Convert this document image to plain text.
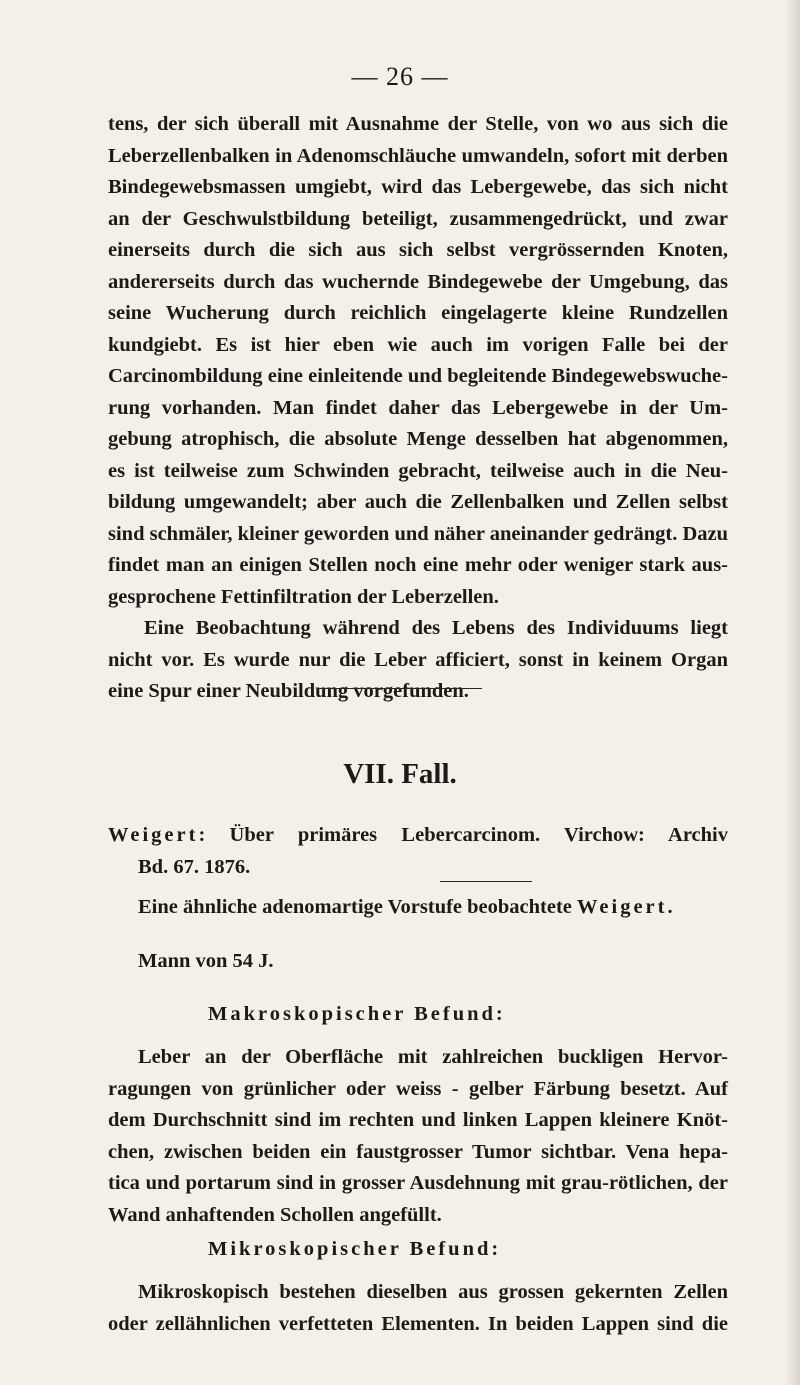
— 26 —
tens, der sich überall mit Ausnahme der Stelle, von wo aus sich die
Leberzellenbalken in Adenomschläuche umwandeln, sofort mit derben
Bindegewebsmassen umgiebt, wird das Lebergewebe, das sich nicht
an der Geschwulstbildung beteiligt, zusammengedrückt, und zwar
einerseits durch die sich aus sich selbst vergrössernden Knoten,
andererseits durch das wuchernde Bindegewebe der Umgebung, das
seine Wucherung durch reichlich eingelagerte kleine Rundzellen
kundgiebt. Es ist hier eben wie auch im vorigen Falle bei der
Carcinombildung eine einleitende und begleitende Bindegewebswuche-
rung vorhanden. Man findet daher das Lebergewebe in der Um-
gebung atrophisch, die absolute Menge desselben hat abgenommen,
es ist teilweise zum Schwinden gebracht, teilweise auch in die Neu-
bildung umgewandelt; aber auch die Zellenbalken und Zellen selbst
sind schmäler, kleiner geworden und näher aneinander gedrängt. Dazu
findet man an einigen Stellen noch eine mehr oder weniger stark aus-
gesprochene Fettinfiltration der Leberzellen.
Eine Beobachtung während des Lebens des Individuums liegt
nicht vor. Es wurde nur die Leber afficiert, sonst in keinem Organ
eine Spur einer Neubildung vorgefunden.
VII. Fall.
Weigert: Über primäres Lebercarcinom. Virchow: Archiv
Bd. 67. 1876.
Eine ähnliche adenomartige Vorstufe beobachtete Weigert.
Mann von 54 J.
Makroskopischer Befund:
Leber an der Oberfläche mit zahlreichen buckligen Hervor-
ragungen von grünlicher oder weiss - gelber Färbung besetzt. Auf
dem Durchschnitt sind im rechten und linken Lappen kleinere Knöt-
chen, zwischen beiden ein faustgrosser Tumor sichtbar. Vena hepa-
tica und portarum sind in grosser Ausdehnung mit grau-rötlichen, der
Wand anhaftenden Schollen angefüllt.
Mikroskopischer Befund:
Mikroskopisch bestehen dieselben aus grossen gekernten Zellen
oder zellähnlichen verfetteten Elementen. In beiden Lappen sind die
